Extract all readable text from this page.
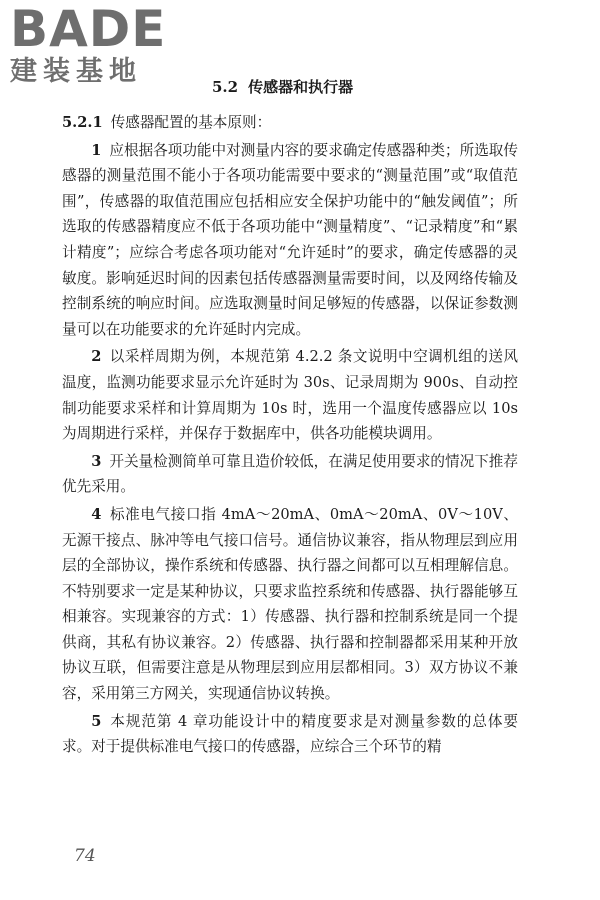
BADE
建装基地	5.2 传感器和执行器

5.2.1 传感器配置的基本原则：

1 应根据各项功能中对测量内容的要求确定传感器种类；所选取传感器的测量范围不能小于各项功能需要中要求的“测量范围”或“取值范围”，传感器的取值范围应包括相应安全保护功能中的“触发阈值”；所选取的传感器精度应不低于各项功能中“测量精度”、“记录精度”和“累计精度”；应综合考虑各项功能对“允许延时”的要求，确定传感器的灵敏度。影响延迟时间的因素包括传感器测量需要时间，以及网络传输及控制系统的响应时间。应选取测量时间足够短的传感器，以保证参数测量可以在功能要求的允许延时内完成。

2 以采样周期为例，本规范第 4.2.2 条文说明中空调机组的送风温度，监测功能要求显示允许延时为 30s、记录周期为 900s、自动控制功能要求采样和计算周期为 10s 时，选用一个温度传感器应以 10s 为周期进行采样，并保存于数据库中，供各功能模块调用。

3 开关量检测简单可靠且造价较低，在满足使用要求的情况下推荐优先采用。

4 标准电气接口指 4mA～20mA、0mA～20mA、0V～10V、无源干接点、脉冲等电气接口信号。通信协议兼容，指从物理层到应用层的全部协议，操作系统和传感器、执行器之间都可以互相理解信息。不特别要求一定是某种协议，只要求监控系统和传感器、执行器能够互相兼容。实现兼容的方式：1）传感器、执行器和控制系统是同一个提供商，其私有协议兼容。2）传感器、执行器和控制器都采用某种开放协议互联，但需要注意是从物理层到应用层都相同。3）双方协议不兼容，采用第三方网关，实现通信协议转换。

5 本规范第 4 章功能设计中的精度要求是对测量参数的总体要求。对于提供标准电气接口的传感器，应综合三个环节的精

74
